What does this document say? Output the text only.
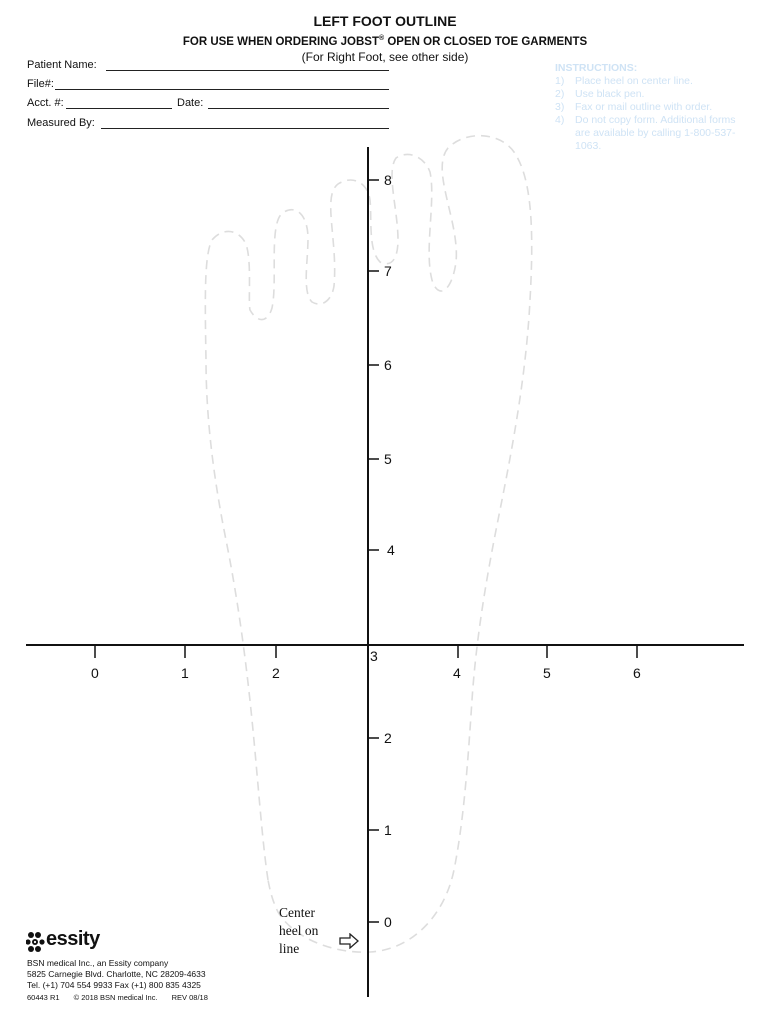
LEFT FOOT OUTLINE
FOR USE WHEN ORDERING JOBST® OPEN OR CLOSED TOE GARMENTS
(For Right Foot, see other side)
Patient Name:
File#:
Acct. #:	Date:
Measured By:
INSTRUCTIONS:
1) Place heel on center line.
2) Use black pen.
3) Fax or mail outline with order.
4) Do not copy form. Additional forms are available by calling 1-800-537-1063.
0	1	2
3
4	5	6
8
7
6
5
4
2
1
0
Center
heel on
line
essity
BSN medical Inc., an Essity company
5825 Carnegie Blvd. Charlotte, NC 28209-4633
Tel. (+1) 704 554 9933 Fax (+1) 800 835 4325
60443 R1 © 2018 BSN medical Inc. REV 08/18
